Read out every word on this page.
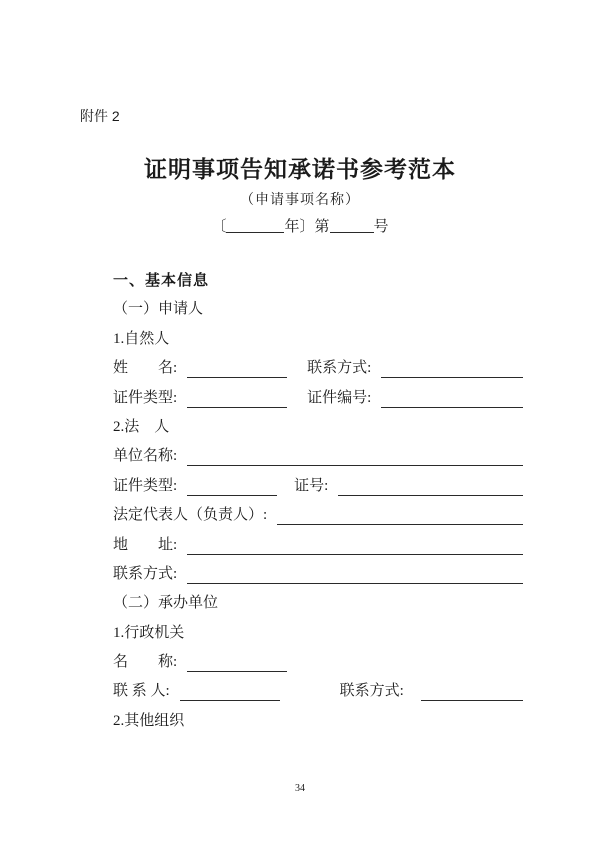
附件 2
证明事项告知承诺书参考范本
（申请事项名称）
〔	年〕第	号
一、基本信息
（一）申请人
1.自然人
姓　　名:	联系方式:
证件类型:	证件编号:
2.法　人
单位名称:
证件类型:	证号:
法定代表人（负责人）:
地　　址:
联系方式:
（二）承办单位
1.行政机关
名　　称:
联 系 人:	联系方式:
2.其他组织
34
